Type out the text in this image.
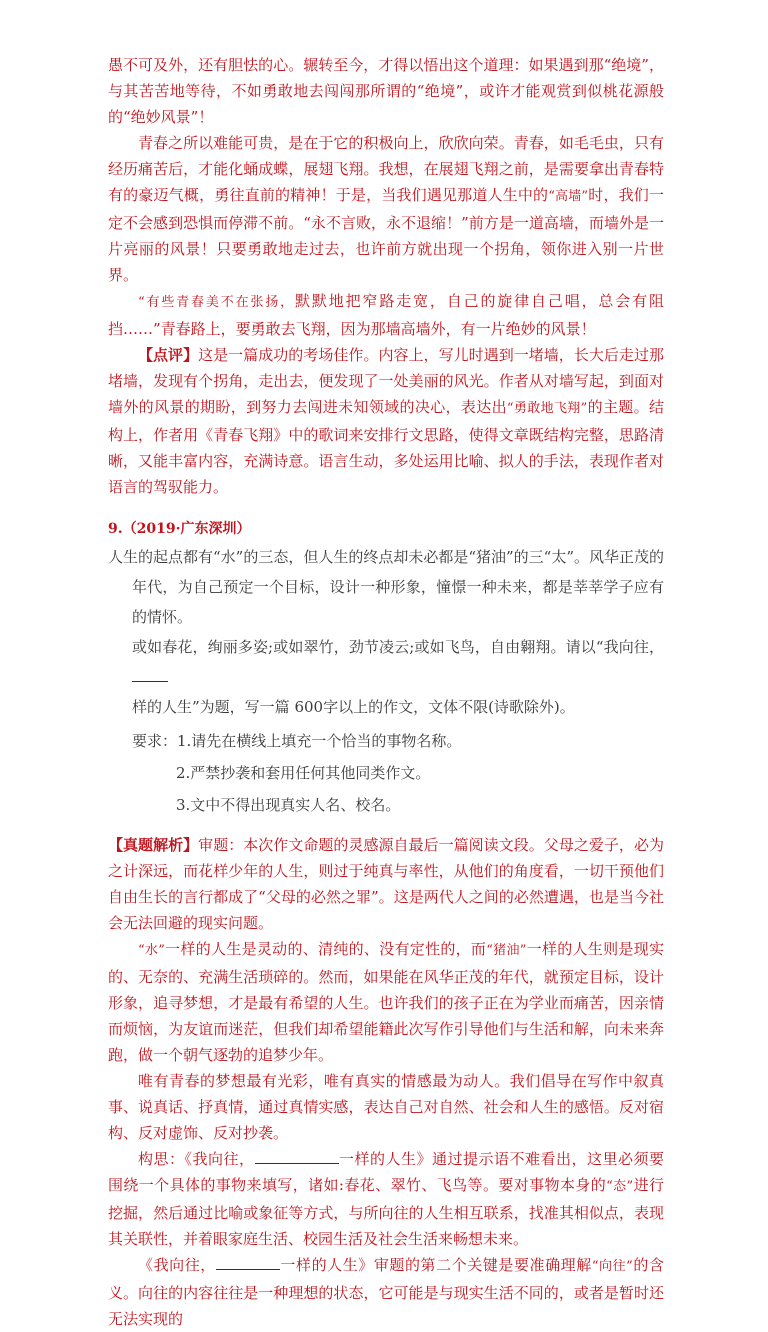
愚不可及外，还有胆怯的心。辗转至今，才得以悟出这个道理：如果遇到那“绝境”，与其苦苦地等待，不如勇敢地去闯闯那所谓的“绝境”，或许才能观赏到似桃花源般的“绝妙风景”！

青春之所以难能可贵，是在于它的积极向上，欣欣向荣。青春，如毛毛虫，只有经历痛苦后，才能化蛹成蝶，展翅飞翔。我想，在展翅飞翔之前，是需要拿出青春特有的豪迈气概，勇往直前的精神！于是，当我们遇见那道人生中的“高墙”时，我们一定不会感到恐惧而停滞不前。“永不言败，永不退缩！”前方是一道高墙，而墙外是一片亮丽的风景！只要勇敢地走过去，也许前方就出现一个拐角，领你进入别一片世界。

“有些青春美不在张扬，默默地把窄路走宽，自己的旋律自己唱，总会有阻挡……”青春路上，要勇敢去飞翔，因为那墙高墙外，有一片绝妙的风景！

【点评】这是一篇成功的考场佳作。内容上，写儿时遇到一堵墙，长大后走过那堵墙，发现有个拐角，走出去，便发现了一处美丽的风光。作者从对墙写起，到面对墙外的风景的期盼，到努力去闯进未知领域的决心，表达出“勇敢地飞翔”的主题。结构上，作者用《青春飞翔》中的歌词来安排行文思路，使得文章既结构完整，思路清晰，又能丰富内容，充满诗意。语言生动，多处运用比喻、拟人的手法，表现作者对语言的驾驭能力。

9.（2019·广东深圳）

人生的起点都有“水”的三态，但人生的终点却未必都是“猪油”的三“太”。风华正茂的

年代，为自己预定一个目标，设计一种形象，憧憬一种未来，都是莘莘学子应有的情怀。

或如春花，绚丽多姿;或如翠竹，劲节凌云;或如飞鸟，自由翱翔。请以“我向往，

样的人生”为题，写一篇 600字以上的作文，文体不限(诗歌除外)。

要求：1.请先在横线上填充一个恰当的事物名称。

2.严禁抄袭和套用任何其他同类作文。

3.文中不得出现真实人名、校名。

【真题解析】审题：本次作文命题的灵感源自最后一篇阅读文段。父母之爱子，必为之计深远，而花样少年的人生，则过于纯真与率性，从他们的角度看，一切干预他们自由生长的言行都成了“父母的必然之罪”。这是两代人之间的必然遭遇，也是当今社会无法回避的现实问题。

“水”一样的人生是灵动的、清纯的、没有定性的，而“猪油”一样的人生则是现实的、无奈的、充满生活琐碎的。然而，如果能在风华正茂的年代，就预定目标，设计形象，追寻梦想，才是最有希望的人生。也许我们的孩子正在为学业而痛苦，因亲情而烦恼，为友谊而迷茫，但我们却希望能籍此次写作引导他们与生活和解，向未来奔跑，做一个朝气逐勃的追梦少年。

唯有青春的梦想最有光彩，唯有真实的情感最为动人。我们倡导在写作中叙真事、说真话、抒真情，通过真情实感，表达自己对自然、社会和人生的感悟。反对宿构、反对虚饰、反对抄袭。

构思：《我向往，	一样的人生》通过提示语不难看出，这里必须要围绕一个具体的事物来填写，诸如:春花、翠竹、飞鸟等。要对事物本身的“态”进行挖掘，然后通过比喻或象征等方式，与所向往的人生相互联系，找准其相似点，表现其关联性，并着眼家庭生活、校园生活及社会生活来畅想未来。

《我向往，	一样的人生》审题的第二个关键是要准确理解“向往”的含义。向往的内容往往是一种理想的状态，它可能是与现实生活不同的，或者是暂时还无法实现的
